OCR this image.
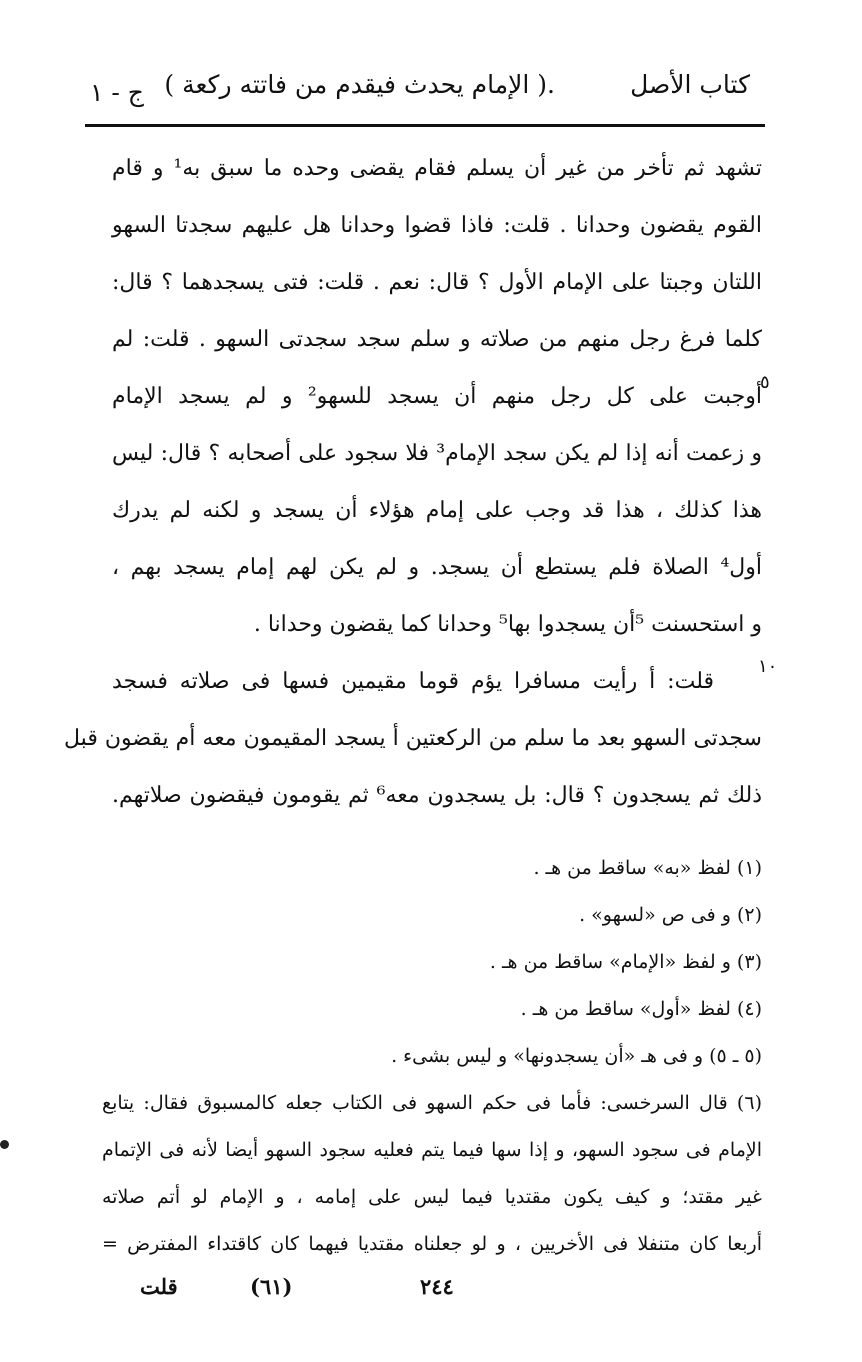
كتاب الأصل
.( الإمام يحدث فيقدم من فاتته ركعة )
ج - ١
٥
١٠
تشهد ثم تأخر من غير أن يسلم فقام يقضى وحده ما سبق به¹ و قام
القوم يقضون وحدانا . قلت: فاذا قضوا وحدانا هل عليهم سجدتا السهو
اللتان وجبتا على الإمام الأول ؟ قال: نعم . قلت: فتى يسجدهما ؟ قال:
كلما فرغ رجل منهم من صلاته و سلم سجد سجدتى السهو . قلت: لم
أوجبت على كل رجل منهم أن يسجد للسهو² و لم يسجد الإمام
و زعمت أنه إذا لم يكن سجد الإمام³ فلا سجود على أصحابه ؟ قال: ليس
هذا كذلك ، هذا قد وجب على إمام هؤلاء أن يسجد و لكنه لم يدرك
أول⁴ الصلاة فلم يستطع أن يسجد. و لم يكن لهم إمام يسجد بهم ،
و استحسنت ⁵أن يسجدوا بها⁵ وحدانا كما يقضون وحدانا .
قلت: أ رأيت مسافرا يؤم قوما مقيمين فسها فى صلاته فسجد
سجدتى السهو بعد ما سلم من الركعتين أ يسجد المقيمون معه أم يقضون قبل
ذلك ثم يسجدون ؟ قال: بل يسجدون معه⁶ ثم يقومون فيقضون صلاتهم.
(١) لفظ «به» ساقط من هـ .
(٢) و فى ص «لسهو» .
(٣) و لفظ «الإمام» ساقط من هـ .
(٤) لفظ «أول» ساقط من هـ .
(٥ ـ ٥) و فى هـ «أن يسجدونها» و ليس بشىء .
(٦) قال السرخسى: فأما فى حكم السهو فى الكتاب جعله كالمسبوق فقال: يتابع
الإمام فى سجود السهو، و إذا سها فيما يتم فعليه سجود السهو أيضا لأنه فى الإتمام
غير مقتد؛ و كيف يكون مقتديا فيما ليس على إمامه ، و الإمام لو أتم صلاته
أربعا كان متنفلا فى الأخريين ، و لو جعلناه مقتديا فيهما كان كاقتداء المفترض =
٢٤٤
(٦١)
قلت
